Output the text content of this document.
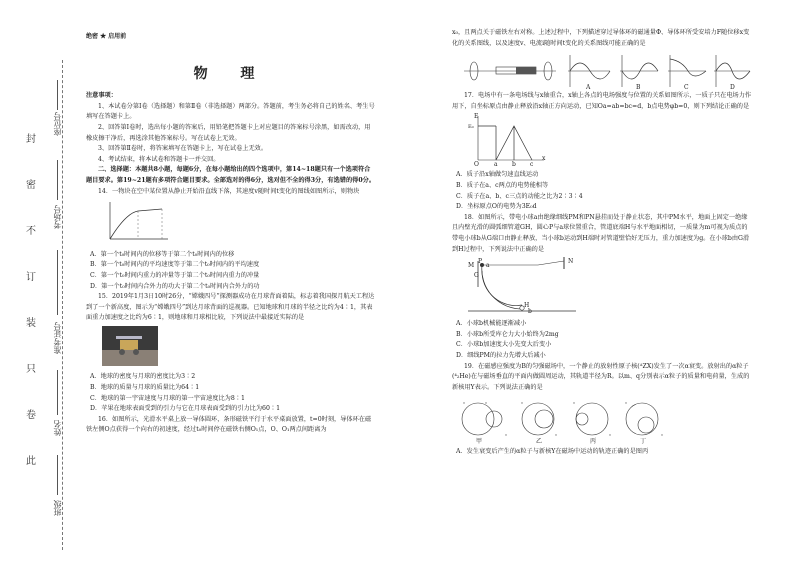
封
密
不
订
装
只
卷
此
座位号
考场号
准考证号
姓名
班级
绝密 ★ 启用前
物 理

注意事项：

1、本试卷分第Ⅰ卷（选择题）和第Ⅱ卷（非选择题）两部分。答题前，考生务必将自己的姓名、考生号填写在答题卡上。

2、回答第Ⅰ卷时，选出每小题的答案后，用铅笔把答题卡上对应题目的答案标号涂黑，如需改动，用橡皮擦干净后，再选涂其他答案标号。写在试卷上无效。

3、回答第Ⅱ卷时，将答案填写在答题卡上，写在试卷上无效。

4、考试结束，将本试卷和答题卡一并交回。

二、选择题：本题共8小题，每题6分，在每小题给出的四个选项中，第14~18题只有一个选项符合题目要求。第19~21题有多项符合题目要求。全部选对的得6分，选对但不全的得3分，有选错的得0分。

14．一物块在空中某位置从静止开始沿直线下落，其速度v随时间t变化的图线如图所示，则物块

A．第一个t₀时间内的位移等于第二个t₀时间内的位移

B．第一个t₀时间内的平均速度等于第二个t₀时间内的平均速度

C．第一个t₀时间内重力的冲量等于第二个t₀时间内重力的冲量

D．第一个t₀时间内合外力的功大于第二个t₀时间内合外力的功

15．2019年1月3日10时26分，“嫦娥四号”探测器成功在月球背面着陆，标志着我国探月航天工程达到了一个新高度，图示为“嫦娥四号”到达月球背面的巡视器。已知地球和月球的半径之比约为4∶1，其表面重力加速度之比约为6∶1，则地球和月球相比较，下列说法中最接近实际的是

A．地球的密度与月球的密度比为3∶2

B．地球的质量与月球的质量比为64∶1

C．地球的第一宇宙速度与月球的第一宇宙速度比为8∶1

D．苹果在地球表面受到的引力与它在月球表面受到的引力比为60∶1

16．如图所示，光滑水平桌上放一导体圆环，条形磁铁平行于水平桌面放置，t=0时刻，导体环在磁铁左侧O点获得一个向右的初速度，经过t₀时间停在磁铁右侧O₁点，O、O₁两点间距离为

x₀，且两点关于磁铁左右对称。上述过程中，下列描述穿过导体环的磁通量Φ、导体环所受安培力F随位移x变化的关系图线，以及速度v、电流i随时间t变化的关系图线可能正确的是

A	B	C	D

17．电场中有一条电场线与x轴重合，x轴上各点的电场强度与位置的关系如图所示，一质子只在电场力作用下，自坐标原点由静止释放沿x轴正方向运动，已知Oa=ab=bc=d，b点电势φb=0，则下列结论正确的是

E
E₀
O	a b c
x

A．质子沿x轴做匀速直线运动

B．质子在a、c两点的电势能相等

C．质子在a、b、c三点的动能之比为2∶3∶4

D．坐标原点O的电势为3E₀d

18．如图所示，带电小球a由绝缘细线PM和PN悬挂而处于静止状态，其中PM水平，地面上固定一绝缘且内壁光滑的圆弧细管道GH，圆心P与a球位置重合，管道底端H与水平地面相切，一质量为m可视为质点的带电小球b从G端口由静止释放，当小球b运动到H端时对管道壁恰好无压力，重力加速度为g。在小球b由G滑到H过程中，下列说法中正确的是

P
M
N
G
H
a
b

A．小球b机械能逐渐减小

B．小球b所受库仑力大小始终为2mg

C．小球b加速度大小先变大后变小

D．细线PM的拉力先增大后减小

19．在磁感应强度为B的匀强磁场中，一个静止的放射性原子核(ᴬZX)发生了一次α衰变。放射出的α粒子(⁴₂He)在与磁场垂直的平面内做圆周运动，其轨道半径为R。以m、q分别表示α粒子的质量和电荷量，生成的新核用Y表示。下列说法正确的是

甲	乙	丙	丁

A．发生衰变后产生的α粒子与新核Y在磁场中运动的轨迹正确的是图丙
